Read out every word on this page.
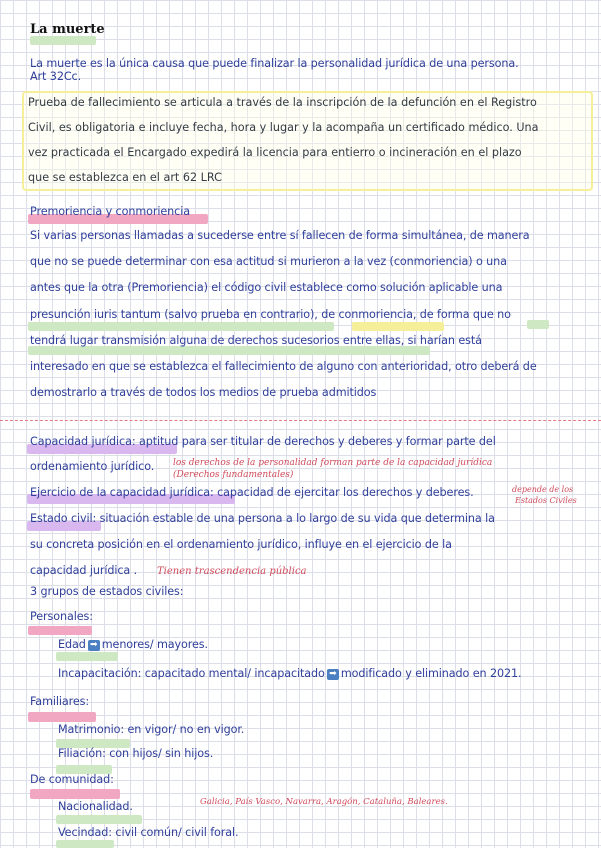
La muerte
La muerte es la única causa que puede finalizar la personalidad jurídica de una persona.
Art 32Cc.
Prueba de fallecimiento se articula a través de la inscripción de la defunción en el Registro
Civil, es obligatoria e incluye fecha, hora y lugar y la acompaña un certificado médico. Una
vez practicada el Encargado expedirá la licencia para entierro o incineración en el plazo
que se establezca en el art 62 LRC
Premoriencia y conmoriencia
Si varias personas llamadas a sucederse entre sí fallecen de forma simultánea, de manera
que no se puede determinar con esa actitud si murieron a la vez (conmoriencia) o una
antes que la otra (Premoriencia) el código civil establece como solución aplicable una
presunción iuris tantum (salvo prueba en contrario), de conmoriencia, de forma que no
tendrá lugar transmisión alguna de derechos sucesorios entre ellas, si harían está
interesado en que se establezca el fallecimiento de alguno con anterioridad, otro deberá de
demostrarlo a través de todos los medios de prueba admitidos
Capacidad jurídica: aptitud para ser titular de derechos y deberes y formar parte del
ordenamiento jurídico. los derechos de la personalidad forman parte de la capacidad jurídica
(Derechos fundamentales)
Ejercicio de la capacidad jurídica: capacidad de ejercitar los derechos y deberes.	depende de los
Estados Civiles
Estado civil: situación estable de una persona a lo largo de su vida que determina la
su concreta posición en el ordenamiento jurídico, influye en el ejercicio de la
capacidad jurídica . Tienen trascendencia pública
3 grupos de estados civiles:
Personales:
Edad ➡ menores/ mayores.
Incapacitación: capacitado mental/ incapacitado ➡ modificado y eliminado en 2021.
Familiares:
Matrimonio: en vigor/ no en vigor.
Filiación: con hijos/ sin hijos.
De comunidad:
Nacionalidad.	Galicia, País Vasco, Navarra, Aragón, Cataluña, Baleares.
Vecindad: civil común/ civil foral.
